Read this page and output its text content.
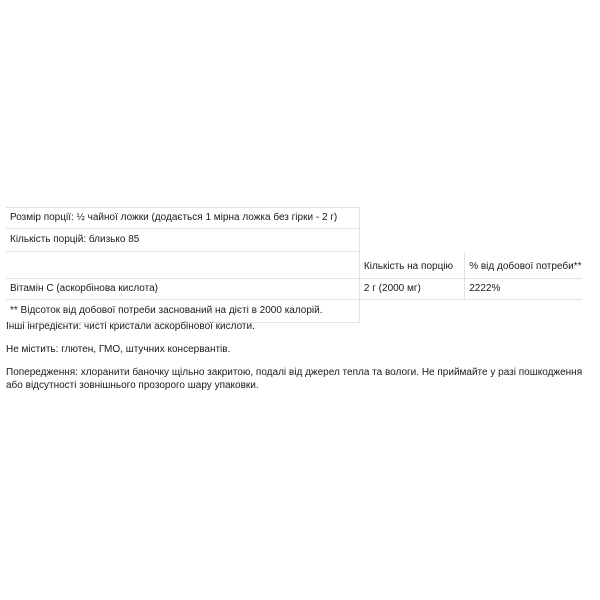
Розмір порції: ½ чайної ложки (додається 1 мірна ложка без гірки - 2 г)		
Кількість порцій: близько 85		
	Кількість на порцію	% від добової потреби**
Вітамін C (аскорбінова кислота)	2 г (2000 мг)	2222%
** Відсоток від добової потреби заснований на дієті в 2000 калорій.		

Інші інгредієнти: чисті кристали аскорбінової кислоти.

Не містить: глютен, ГМО, штучних консервантів.

Попередження: хлоранити баночку щільно закритою, подалі від джерел тепла та вологи. Не приймайте у разі пошкодження або відсутності зовнішнього прозорого шару упаковки.
